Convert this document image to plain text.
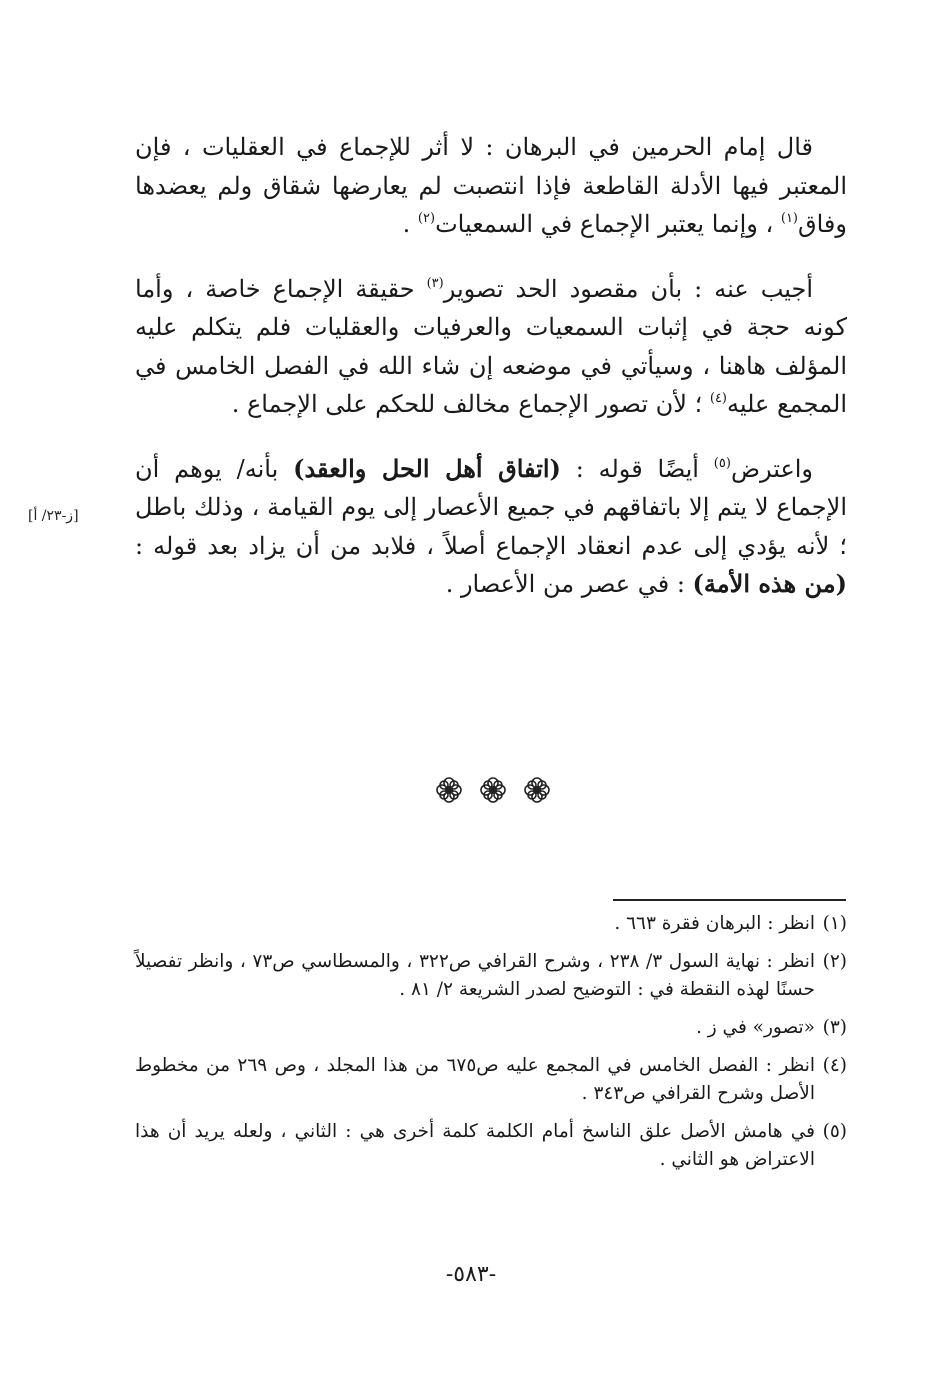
قال إمام الحرمين في البرهان : لا أثر للإجماع في العقليات ، فإن المعتبر فيها الأدلة القاطعة فإذا انتصبت لم يعارضها شقاق ولم يعضدها وفاق$^{(١)}$ ، وإنما يعتبر الإجماع في السمعيات$^{(٢)}$ .

أجيب عنه : بأن مقصود الحد تصوير$^{(٣)}$ حقيقة الإجماع خاصة ، وأما كونه حجة في إثبات السمعيات والعرفيات والعقليات فلم يتكلم عليه المؤلف هاهنا ، وسيأتي في موضعه إن شاء الله في الفصل الخامس في المجمع عليه$^{(٤)}$ ؛ لأن تصور الإجماع مخالف للحكم على الإجماع .

واعترض$^{(٥)}$ أيضًا قوله : (اتفاق أهل الحل والعقد) بأنه/ يوهم أن الإجماع لا يتم إلا باتفاقهم في جميع الأعصار إلى يوم القيامة ، وذلك باطل ؛ لأنه يؤدي إلى عدم انعقاد الإجماع أصلاً ، فلابد من أن يزاد بعد قوله : (من هذه الأمة) : في عصر من الأعصار .

[ز-٢٣/ أ]
(١)
انظر : البرهان فقرة ٦٦٣ .
(٢)
انظر : نهاية السول ٣/ ٢٣٨ ، وشرح القرافي ص٣٢٢ ، والمسطاسي ص٧٣ ، وانظر تفصيلاً حسنًا لهذه النقطة في : التوضيح لصدر الشريعة ٢/ ٨١ .
(٣)
«تصور» في ز .
(٤)
انظر : الفصل الخامس في المجمع عليه ص٦٧٥ من هذا المجلد ، وص ٢٦٩ من مخطوط الأصل وشرح القرافي ص٣٤٣ .
(٥)
في هامش الأصل علق الناسخ أمام الكلمة كلمة أخرى هي : الثاني ، ولعله يريد أن هذا الاعتراض هو الثاني .
-٥٨٣-
